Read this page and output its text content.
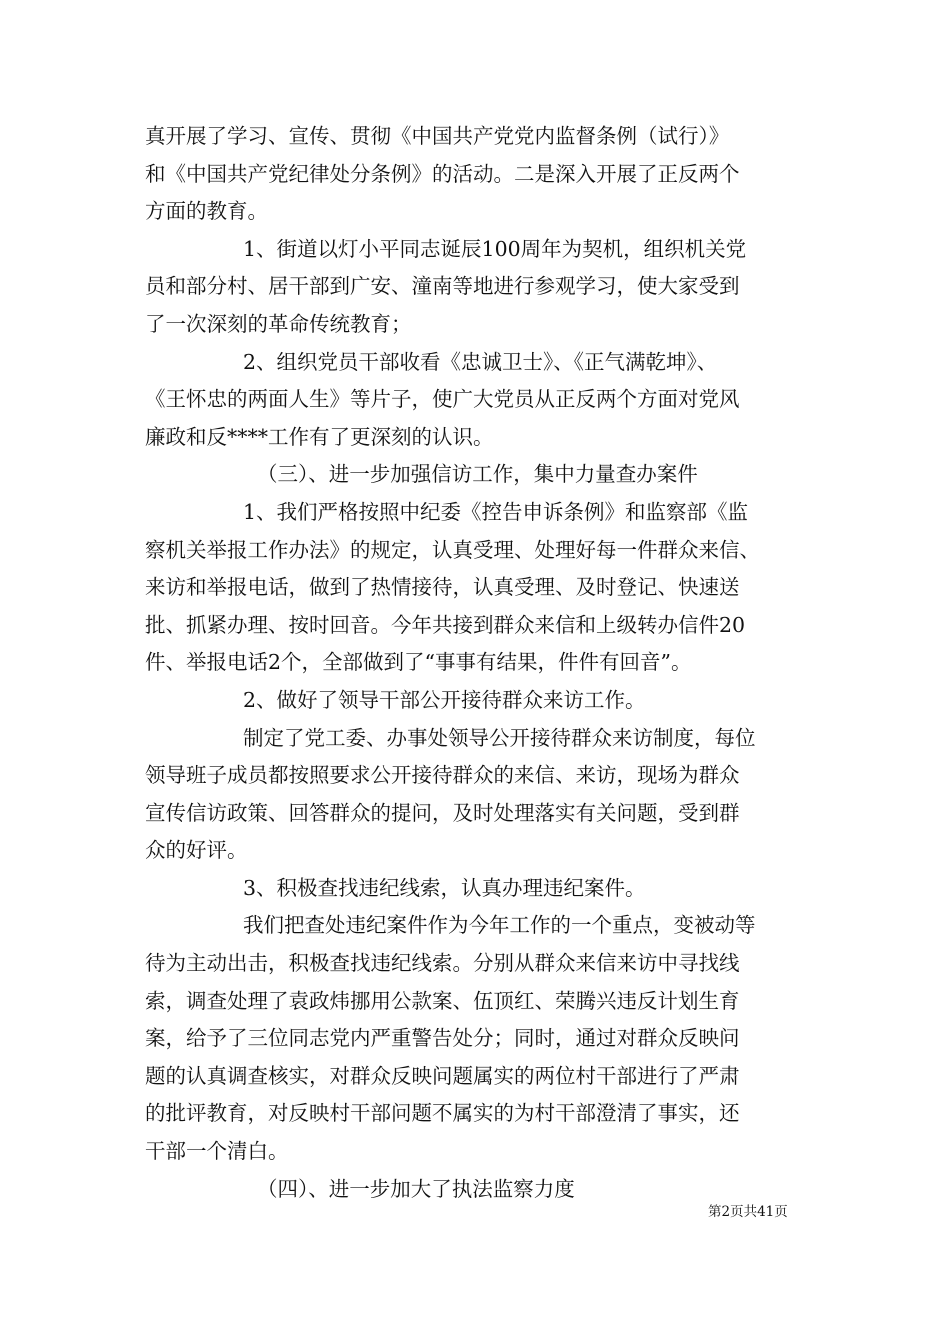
真开展了学习、宣传、贯彻《中国共产党党内监督条例（试行）》
和《中国共产党纪律处分条例》的活动。二是深入开展了正反两个
方面的教育。
1、街道以灯小平同志诞辰100周年为契机，组织机关党
员和部分村、居干部到广安、潼南等地进行参观学习，使大家受到
了一次深刻的革命传统教育；
2、组织党员干部收看《忠诚卫士》、《正气满乾坤》、
《王怀忠的两面人生》等片子，使广大党员从正反两个方面对党风
廉政和反****工作有了更深刻的认识。
（三）、进一步加强信访工作，集中力量查办案件
1、我们严格按照中纪委《控告申诉条例》和监察部《监
察机关举报工作办法》的规定，认真受理、处理好每一件群众来信、
来访和举报电话，做到了热情接待，认真受理、及时登记、快速送
批、抓紧办理、按时回音。今年共接到群众来信和上级转办信件20
件、举报电话2个，全部做到了“事事有结果，件件有回音”。
2、做好了领导干部公开接待群众来访工作。
制定了党工委、办事处领导公开接待群众来访制度，每位
领导班子成员都按照要求公开接待群众的来信、来访，现场为群众
宣传信访政策、回答群众的提问，及时处理落实有关问题，受到群
众的好评。
3、积极查找违纪线索，认真办理违纪案件。
我们把查处违纪案件作为今年工作的一个重点，变被动等
待为主动出击，积极查找违纪线索。分别从群众来信来访中寻找线
索，调查处理了袁政炜挪用公款案、伍顶红、荣腾兴违反计划生育
案，给予了三位同志党内严重警告处分；同时，通过对群众反映问
题的认真调查核实，对群众反映问题属实的两位村干部进行了严肃
的批评教育，对反映村干部问题不属实的为村干部澄清了事实，还
干部一个清白。
（四）、进一步加大了执法监察力度
第2页共41页
